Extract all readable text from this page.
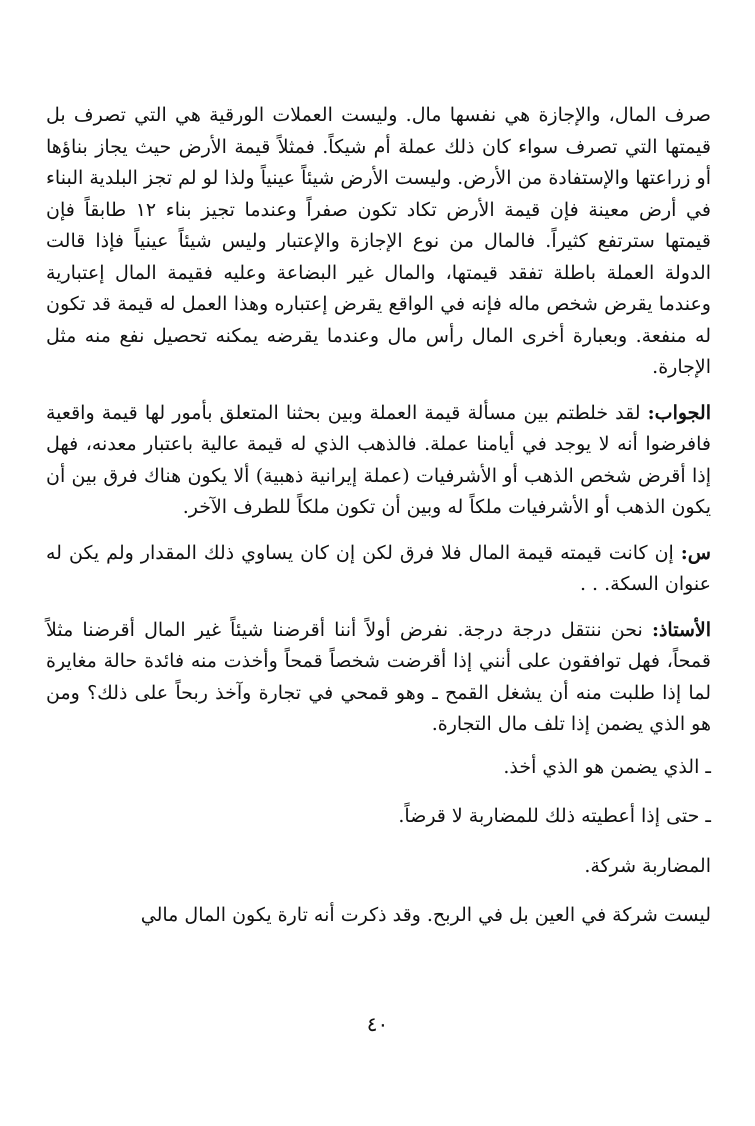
صرف المال، والإجازة هي نفسها مال. وليست العملات الورقية هي التي تصرف بل قيمتها التي تصرف سواء كان ذلك عملة أم شيكاً. فمثلاً قيمة الأرض حيث يجاز بناؤها أو زراعتها والإستفادة من الأرض. وليست الأرض شيئاً عينياً ولذا لو لم تجز البلدية البناء في أرض معينة فإن قيمة الأرض تكاد تكون صفراً وعندما تجيز بناء ١٢ طابقاً فإن قيمتها سترتفع كثيراً. فالمال من نوع الإجازة والإعتبار وليس شيئاً عينياً فإذا قالت الدولة العملة باطلة تفقد قيمتها، والمال غير البضاعة وعليه فقيمة المال إعتبارية وعندما يقرض شخص ماله فإنه في الواقع يقرض إعتباره وهذا العمل له قيمة قد تكون له منفعة. وبعبارة أخرى المال رأس مال وعندما يقرضه يمكنه تحصيل نفع منه مثل الإجارة.

الجواب: لقد خلطتم بين مسألة قيمة العملة وبين بحثنا المتعلق بأمور لها قيمة واقعية فافرضوا أنه لا يوجد في أيامنا عملة. فالذهب الذي له قيمة عالية باعتبار معدنه، فهل إذا أقرض شخص الذهب أو الأشرفيات (عملة إيرانية ذهبية) ألا يكون هناك فرق بين أن يكون الذهب أو الأشرفيات ملكاً له وبين أن تكون ملكاً للطرف الآخر.

س: إن كانت قيمته قيمة المال فلا فرق لكن إن كان يساوي ذلك المقدار ولم يكن له عنوان السكة. . .

الأستاذ: نحن ننتقل درجة درجة. نفرض أولاً أننا أقرضنا شيئاً غير المال أقرضنا مثلاً قمحاً، فهل توافقون على أنني إذا أقرضت شخصاً قمحاً وأخذت منه فائدة حالة مغايرة لما إذا طلبت منه أن يشغل القمح ـ وهو قمحي في تجارة وآخذ ربحاً على ذلك؟ ومن هو الذي يضمن إذا تلف مال التجارة.

ـ الذي يضمن هو الذي أخذ.

ـ حتى إذا أعطيته ذلك للمضاربة لا قرضاً.

المضاربة شركة.

ليست شركة في العين بل في الربح. وقد ذكرت أنه تارة يكون المال مالي

٤٠
